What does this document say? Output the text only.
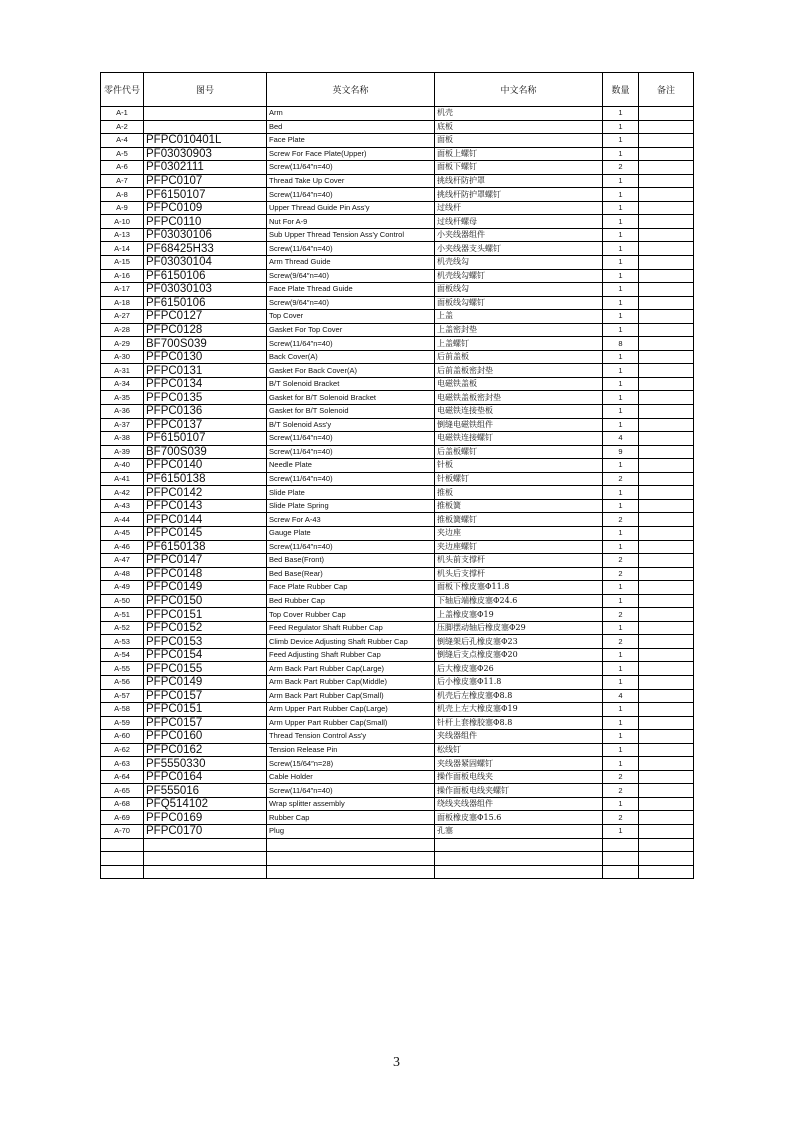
零件代号	图号	英文名称	中文名称	数量	备注
A-1		Arm	机壳	1	
A-2		Bed	底板	1	
A-4	PFPC010401L	Face Plate	面板	1	
A-5	PF03030903	Screw For Face Plate(Upper)	面板上螺钉	1	
A-6	PF0302111	Screw(11/64″n=40)	面板下螺钉	2	
A-7	PFPC0107	Thread Take Up Cover	挑线杆防护罩	1	
A-8	PF6150107	Screw(11/64″n=40)	挑线杆防护罩螺钉	1	
A-9	PFPC0109	Upper Thread Guide Pin Ass'y	过线杆	1	
A-10	PFPC0110	Nut For A-9	过线杆螺母	1	
A-13	PF03030106	Sub Upper Thread Tension Ass'y Control	小夹线器组件	1	
A-14	PF68425H33	Screw(11/64″n=40)	小夹线器支头螺钉	1	
A-15	PF03030104	Arm Thread Guide	机壳线勾	1	
A-16	PF6150106	Screw(9/64″n=40)	机壳线勾螺钉	1	
A-17	PF03030103	Face Plate Thread Guide	面板线勾	1	
A-18	PF6150106	Screw(9/64″n=40)	面板线勾螺钉	1	
A-27	PFPC0127	Top Cover	上盖	1	
A-28	PFPC0128	Gasket For Top Cover	上盖密封垫	1	
A-29	BF700S039	Screw(11/64″n=40)	上盖螺钉	8	
A-30	PFPC0130	Back Cover(A)	后前盖板	1	
A-31	PFPC0131	Gasket For Back Cover(A)	后前盖板密封垫	1	
A-34	PFPC0134	B/T Solenoid Bracket	电磁铁盖板	1	
A-35	PFPC0135	Gasket for B/T Solenoid Bracket	电磁铁盖板密封垫	1	
A-36	PFPC0136	Gasket for B/T Solenoid	电磁铁连接垫板	1	
A-37	PFPC0137	B/T Solenoid Ass'y	倒缝电磁铁组件	1	
A-38	PF6150107	Screw(11/64″n=40)	电磁铁连接螺钉	4	
A-39	BF700S039	Screw(11/64″n=40)	后盖板螺钉	9	
A-40	PFPC0140	Needle Plate	针板	1	
A-41	PF6150138	Screw(11/64″n=40)	针板螺钉	2	
A-42	PFPC0142	Slide Plate	推板	1	
A-43	PFPC0143	Slide Plate Spring	推板簧	1	
A-44	PFPC0144	Screw For A-43	推板簧螺钉	2	
A-45	PFPC0145	Gauge Plate	夹边座	1	
A-46	PF6150138	Screw(11/64″n=40)	夹边座螺钉	1	
A-47	PFPC0147	Bed Base(Front)	机头前支撑杆	2	
A-48	PFPC0148	Bed Base(Rear)	机头后支撑杆	2	
A-49	PFPC0149	Face Plate Rubber Cap	面板下橡皮塞Φ11.8	1	
A-50	PFPC0150	Bed Rubber Cap	下轴后端橡皮塞Φ24.6	1	
A-51	PFPC0151	Top Cover Rubber Cap	上盖橡皮塞Φ19	2	
A-52	PFPC0152	Feed Regulator Shaft Rubber Cap	压脚摆动轴后橡皮塞Φ29	1	
A-53	PFPC0153	Climb Device Adjusting Shaft Rubber Cap	倒缝架后孔橡皮塞Φ23	2	
A-54	PFPC0154	Feed Adjusting Shaft Rubber Cap	倒缝后支点橡皮塞Φ20	1	
A-55	PFPC0155	Arm Back Part Rubber Cap(Large)	后大橡皮塞Φ26	1	
A-56	PFPC0149	Arm Back Part Rubber Cap(Middle)	后小橡皮塞Φ11.8	1	
A-57	PFPC0157	Arm Back Part Rubber Cap(Small)	机壳后左橡皮塞Φ8.8	4	
A-58	PFPC0151	Arm Upper Part Rubber Cap(Large)	机壳上左大橡皮塞Φ19	1	
A-59	PFPC0157	Arm Upper Part Rubber Cap(Small)	针杆上套橡胶塞Φ8.8	1	
A-60	PFPC0160	Thread Tension Control Ass'y	夹线器组件	1	
A-62	PFPC0162	Tension Release Pin	松线钉	1	
A-63	PF5550330	Screw(15/64″n=28)	夹线器紧固螺钉	1	
A-64	PFPC0164	Cable Holder	操作面板电线夹	2	
A-65	PF555016	Screw(11/64″n=40)	操作面板电线夹螺钉	2	
A-68	PFQ514102	Wrap splitter assembly	绕线夹线器组件	1	
A-69	PFPC0169	Rubber Cap	面板橡皮塞Φ15.6	2	
A-70	PFPC0170	Plug	孔塞	1	

3
